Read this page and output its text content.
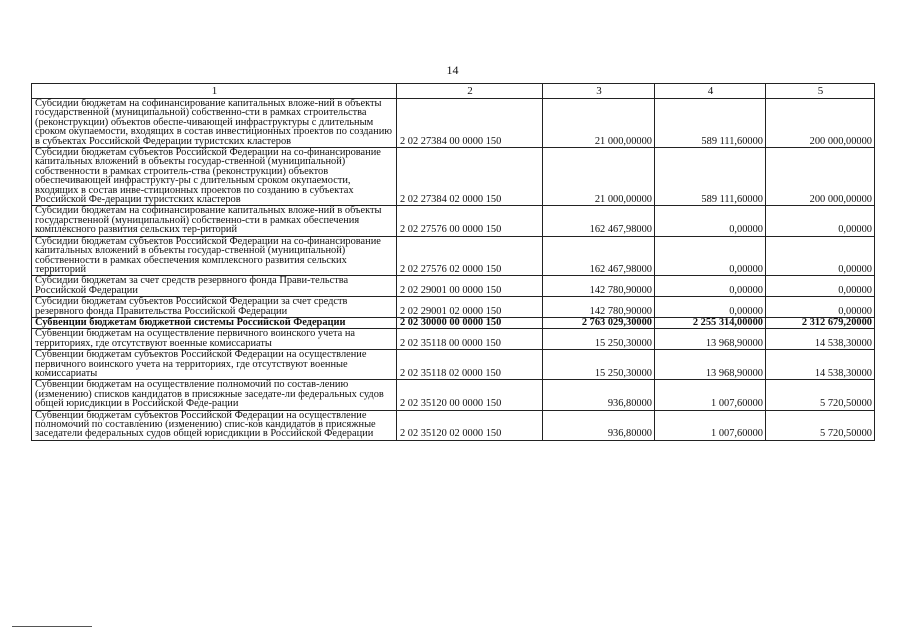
14
1	2	3	4	5
Субсидии бюджетам на софинансирование капитальных вложе-ний в объекты государственной (муниципальной) собственно-сти в рамках строительства (реконструкции) объектов обеспе-чивающей инфраструктуры с длительным сроком окупаемости, входящих в состав инвестиционных проектов по созданию в субъектах Российской Федерации туристских кластеров	2 02 27384 00 0000 150	21 000,00000	589 111,60000	200 000,00000
Субсидии бюджетам субъектов Российской Федерации на со-финансирование капитальных вложений в объекты государ-ственной (муниципальной) собственности в рамках строитель-ства (реконструкции) объектов обеспечивающей инфраструкту-ры с длительным сроком окупаемости, входящих в состав инве-стиционных проектов по созданию в субъектах Российской Фе-дерации туристских кластеров	2 02 27384 02 0000 150	21 000,00000	589 111,60000	200 000,00000
Субсидии бюджетам на софинансирование капитальных вложе-ний в объекты государственной (муниципальной) собственно-сти в рамках обеспечения комплексного развития сельских тер-риторий	2 02 27576 00 0000 150	162 467,98000	0,00000	0,00000
Субсидии бюджетам субъектов Российской Федерации на со-финансирование капитальных вложений в объекты государ-ственной (муниципальной) собственности в рамках обеспечения комплексного развития сельских территорий	2 02 27576 02 0000 150	162 467,98000	0,00000	0,00000
Субсидии бюджетам за счет средств резервного фонда Прави-тельства Российской Федерации	2 02 29001 00 0000 150	142 780,90000	0,00000	0,00000
Субсидии бюджетам субъектов Российской Федерации за счет средств резервного фонда Правительства Российской Федерации	2 02 29001 02 0000 150	142 780,90000	0,00000	0,00000
Субвенции бюджетам бюджетной системы Российской Федерации	2 02 30000 00 0000 150	2 763 029,30000	2 255 314,00000	2 312 679,20000
Субвенции бюджетам на осуществление первичного воинского учета на территориях, где отсутствуют военные комиссариаты	2 02 35118 00 0000 150	15 250,30000	13 968,90000	14 538,30000
Субвенции бюджетам субъектов Российской Федерации на осуществление первичного воинского учета на территориях, где отсутствуют военные комиссариаты	2 02 35118 02 0000 150	15 250,30000	13 968,90000	14 538,30000
Субвенции бюджетам на осуществление полномочий по состав-лению (изменению) списков кандидатов в присяжные заседате-ли федеральных судов общей юрисдикции в Российской Феде-рации	2 02 35120 00 0000 150	936,80000	1 007,60000	5 720,50000
Субвенции бюджетам субъектов Российской Федерации на осуществление полномочий по составлению (изменению) спис-ков кандидатов в присяжные заседатели федеральных судов общей юрисдикции в Российской Федерации	2 02 35120 02 0000 150	936,80000	1 007,60000	5 720,50000
